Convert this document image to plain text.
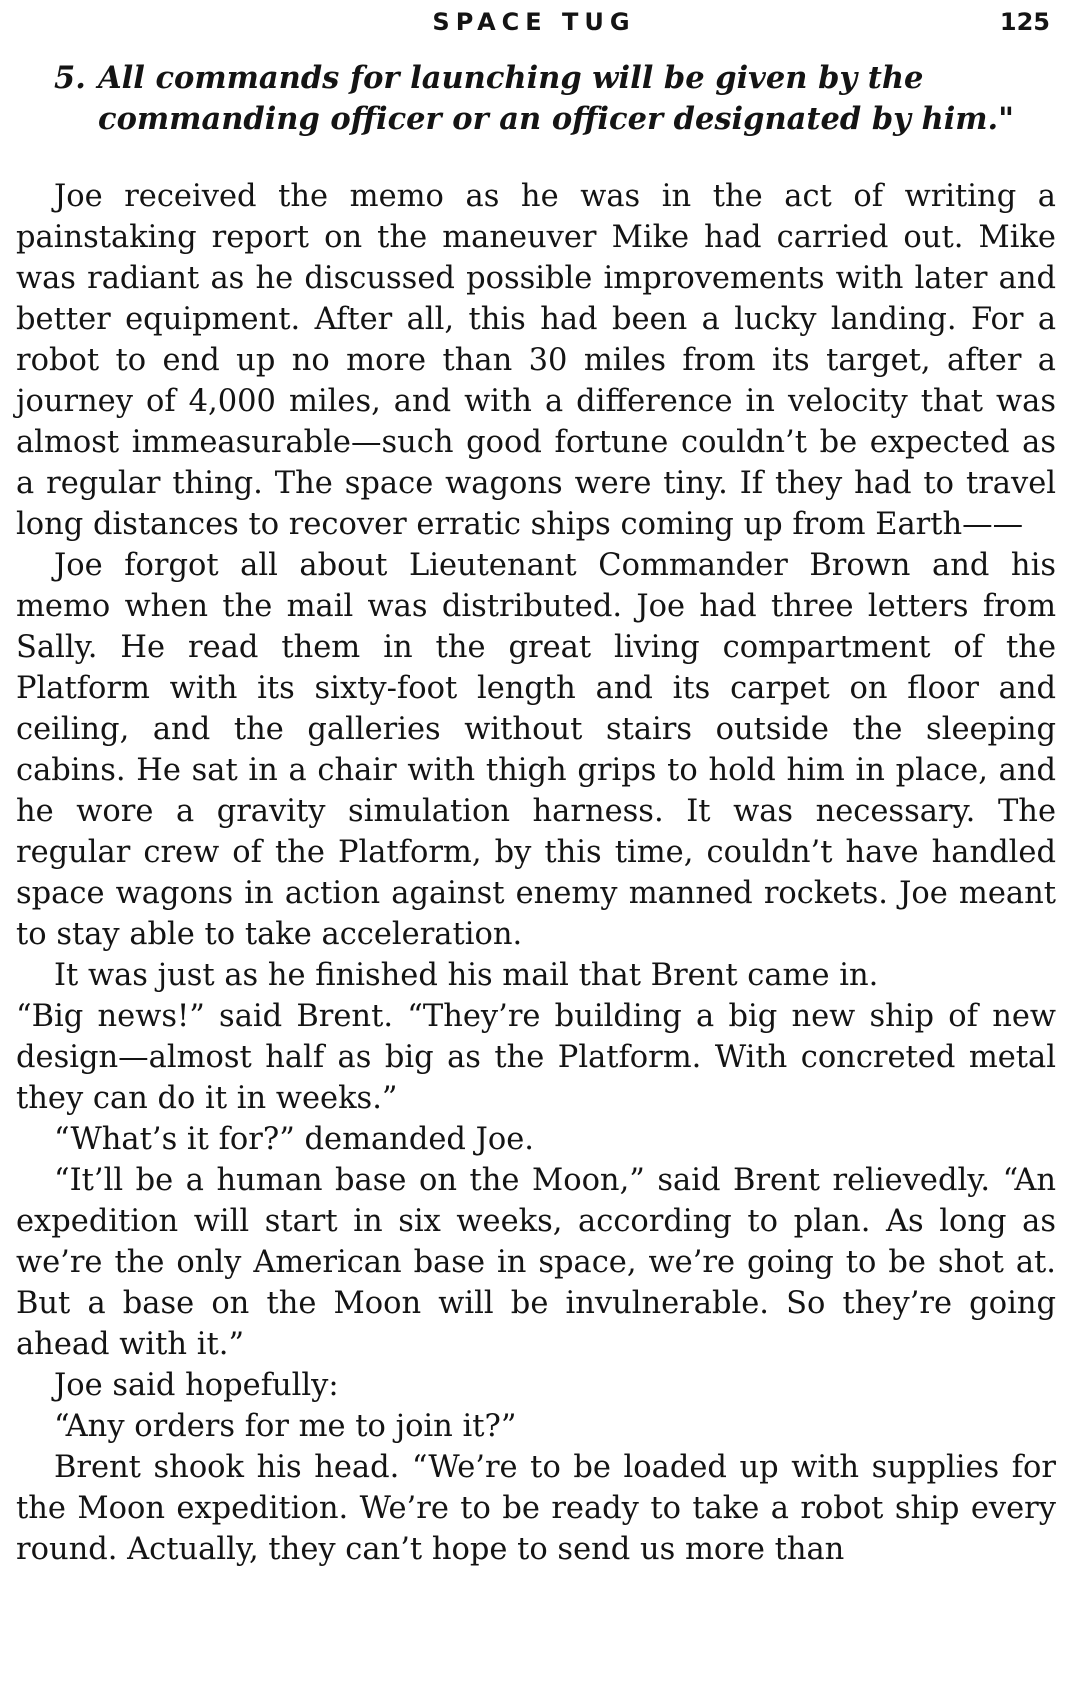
SPACE TUG	125
5. All commands for launching will be given by the commanding officer or an officer designated by him."

Joe received the memo as he was in the act of writing a painstaking report on the maneuver Mike had carried out. Mike was radiant as he discussed possible improvements with later and better equipment. After all, this had been a lucky landing. For a robot to end up no more than 30 miles from its target, after a journey of 4,000 miles, and with a difference in velocity that was almost immeasurable—such good fortune couldn’t be expected as a regular thing. The space wagons were tiny. If they had to travel long distances to recover erratic ships coming up from Earth——

Joe forgot all about Lieutenant Commander Brown and his memo when the mail was distributed. Joe had three letters from Sally. He read them in the great living compartment of the Platform with its sixty-foot length and its carpet on floor and ceiling, and the galleries without stairs outside the sleeping cabins. He sat in a chair with thigh grips to hold him in place, and he wore a gravity simulation harness. It was necessary. The regular crew of the Platform, by this time, couldn’t have handled space wagons in action against enemy manned rockets. Joe meant to stay able to take acceleration.

It was just as he finished his mail that Brent came in.

“Big news!” said Brent. “They’re building a big new ship of new design—almost half as big as the Platform. With concreted metal they can do it in weeks.”

“What’s it for?” demanded Joe.

“It’ll be a human base on the Moon,” said Brent relievedly. “An expedition will start in six weeks, according to plan. As long as we’re the only American base in space, we’re going to be shot at. But a base on the Moon will be invulnerable. So they’re going ahead with it.”

Joe said hopefully:

“Any orders for me to join it?”

Brent shook his head. “We’re to be loaded up with supplies for the Moon expedition. We’re to be ready to take a robot ship every round. Actually, they can’t hope to send us more than
